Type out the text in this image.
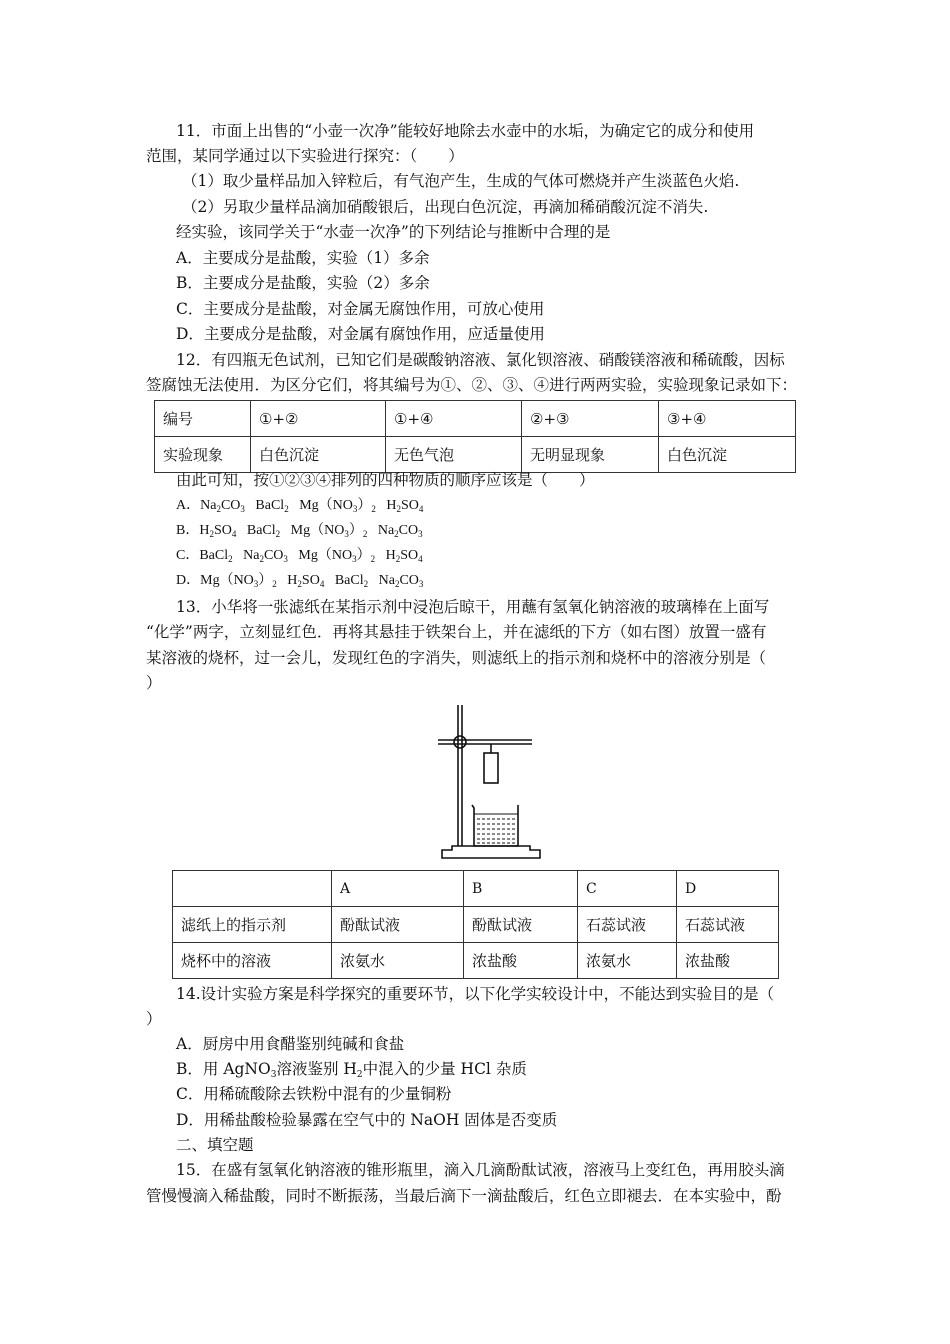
11．市面上出售的“小壶一次净”能较好地除去水壶中的水垢，为确定它的成分和使用
范围，某同学通过以下实验进行探究：（　　）
（1）取少量样品加入锌粒后，有气泡产生，生成的气体可燃烧并产生淡蓝色火焰.
（2）另取少量样品滴加硝酸银后，出现白色沉淀，再滴加稀硝酸沉淀不消失.
经实验，该同学关于“水壶一次净”的下列结论与推断中合理的是
A．主要成分是盐酸，实验（1）多余
B．主要成分是盐酸，实验（2）多余
C．主要成分是盐酸，对金属无腐蚀作用，可放心使用
D．主要成分是盐酸，对金属有腐蚀作用，应适量使用
12．有四瓶无色试剂，已知它们是碳酸钠溶液、氯化钡溶液、硝酸镁溶液和稀硫酸，因标
签腐蚀无法使用．为区分它们，将其编号为①、②、③、④进行两两实验，实验现象记录如下：
编号	①+②	①+④	②+③	③+④
实验现象	白色沉淀	无色气泡	无明显现象	白色沉淀
由此可知，按①②③④排列的四种物质的顺序应该是（　　）
A．$Na_2CO_3$ BaCl$_2$ $Mg(NO_3)_2$ $H_2SO_4$
B．$H_2SO_4$ BaCl$_2$ $Mg(NO_3)_2$ $Na_2CO_3$
C．BaCl$_2$ $Na_2CO_3$ $Mg(NO_3)_2$ $H_2SO_4$
D．$Mg(NO_3)_2$ $H_2SO_4$ BaCl$_2$ $Na_2CO_3$
13．小华将一张滤纸在某指示剂中浸泡后晾干，用蘸有氢氧化钠溶液的玻璃棒在上面写
“化学”两字，立刻显红色．再将其悬挂于铁架台上，并在滤纸的下方（如右图）放置一盛有
某溶液的烧杯，过一会儿，发现红色的字消失，则滤纸上的指示剂和烧杯中的溶液分别是（
）
	A	B	C	D
滤纸上的指示剂	酚酞试液	酚酞试液	石蕊试液	石蕊试液
烧杯中的溶液	浓氨水	浓盐酸	浓氨水	浓盐酸
14.设计实验方案是科学探究的重要环节，以下化学实较设计中，不能达到实验目的是（
）
A．厨房中用食醋鉴别纯碱和食盐
B．用 AgNO$_3$溶液鉴别 $H_2$中混入的少量 HCl 杂质
C．用稀硫酸除去铁粉中混有的少量铜粉
D．用稀盐酸检验暴露在空气中的 NaOH 固体是否变质
二、填空题
15．在盛有氢氧化钠溶液的锥形瓶里，滴入几滴酚酞试液，溶液马上变红色，再用胶头滴
管慢慢滴入稀盐酸，同时不断振荡，当最后滴下一滴盐酸后，红色立即褪去．在本实验中，酚
